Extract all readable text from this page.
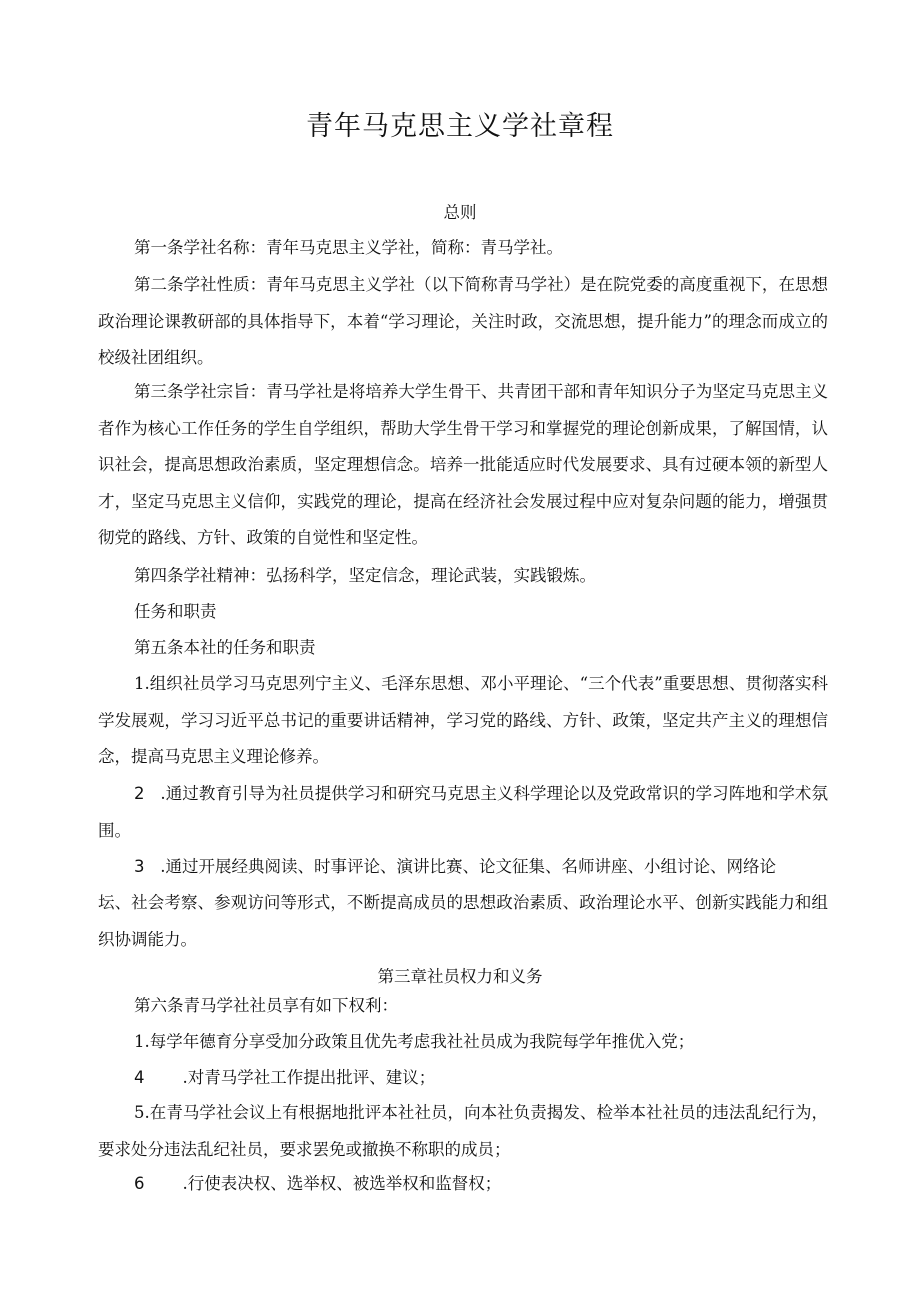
青年马克思主义学社章程
总则
第一条学社名称：青年马克思主义学社，简称：青马学社。
第二条学社性质：青年马克思主义学社（以下简称青马学社）是在院党委的高度重视下，在思想政治理论课教研部的具体指导下，本着“学习理论，关注时政，交流思想，提升能力”的理念而成立的校级社团组织。
第三条学社宗旨：青马学社是将培养大学生骨干、共青团干部和青年知识分子为坚定马克思主义者作为核心工作任务的学生自学组织，帮助大学生骨干学习和掌握党的理论创新成果，了解国情，认识社会，提高思想政治素质，坚定理想信念。培养一批能适应时代发展要求、具有过硬本领的新型人才，坚定马克思主义信仰，实践党的理论，提高在经济社会发展过程中应对复杂问题的能力，增强贯彻党的路线、方针、政策的自觉性和坚定性。
第四条学社精神：弘扬科学，坚定信念，理论武装，实践锻炼。
任务和职责
第五条本社的任务和职责
1.组织社员学习马克思列宁主义、毛泽东思想、邓小平理论、“三个代表”重要思想、贯彻落实科学发展观，学习习近平总书记的重要讲话精神，学习党的路线、方针、政策，坚定共产主义的理想信念，提高马克思主义理论修养。
2 .通过教育引导为社员提供学习和研究马克思主义科学理论以及党政常识的学习阵地和学术氛围。
3 .通过开展经典阅读、时事评论、演讲比赛、论文征集、名师讲座、小组讨论、网络论
坛、社会考察、参观访问等形式，不断提高成员的思想政治素质、政治理论水平、创新实践能力和组织协调能力。
第三章社员权力和义务
第六条青马学社社员享有如下权利：
1.每学年德育分享受加分政策且优先考虑我社社员成为我院每学年推优入党；
4 .对青马学社工作提出批评、建议；
5.在青马学社会议上有根据地批评本社社员，向本社负责揭发、检举本社社员的违法乱纪行为，要求处分违法乱纪社员，要求罢免或撤换不称职的成员；
6 .行使表决权、选举权、被选举权和监督权；
